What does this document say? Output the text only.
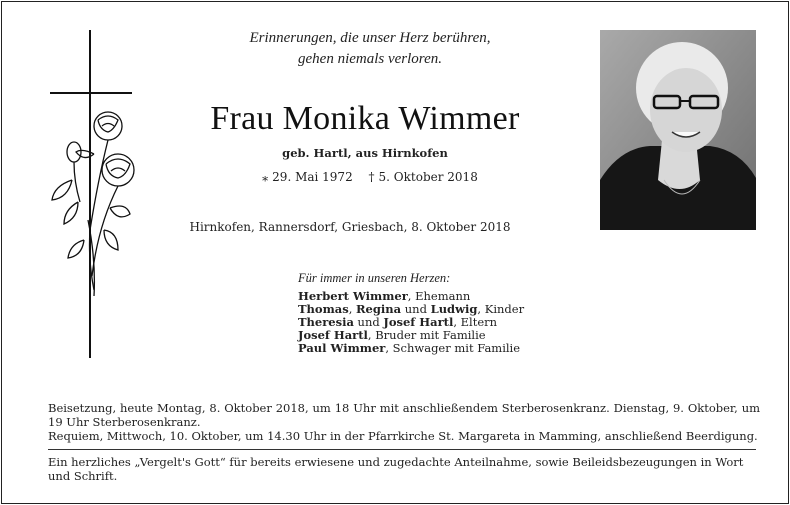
Erinnerungen, die unser Herz berühren,
gehen niemals verloren.
Frau Monika Wimmer
geb. Hartl, aus Hirnkofen
⁎ 29. Mai 1972 † 5. Oktober 2018
Hirnkofen, Rannersdorf, Griesbach, 8. Oktober 2018
Für immer in unseren Herzen:
Herbert Wimmer, Ehemann
Thomas, Regina und Ludwig, Kinder
Theresia und Josef Hartl, Eltern
Josef Hartl, Bruder mit Familie
Paul Wimmer, Schwager mit Familie
Beisetzung, heute Montag, 8. Oktober 2018, um 18 Uhr mit anschließendem Sterberosenkranz. Dienstag, 9. Oktober, um 19 Uhr Sterberosenkranz.
Requiem, Mittwoch, 10. Oktober, um 14.30 Uhr in der Pfarrkirche St. Margareta in Mamming, anschließend Beerdigung.
Ein herzliches „Vergelt's Gott“ für bereits erwiesene und zugedachte Anteilnahme, sowie Beileidsbezeugungen in Wort und Schrift.
